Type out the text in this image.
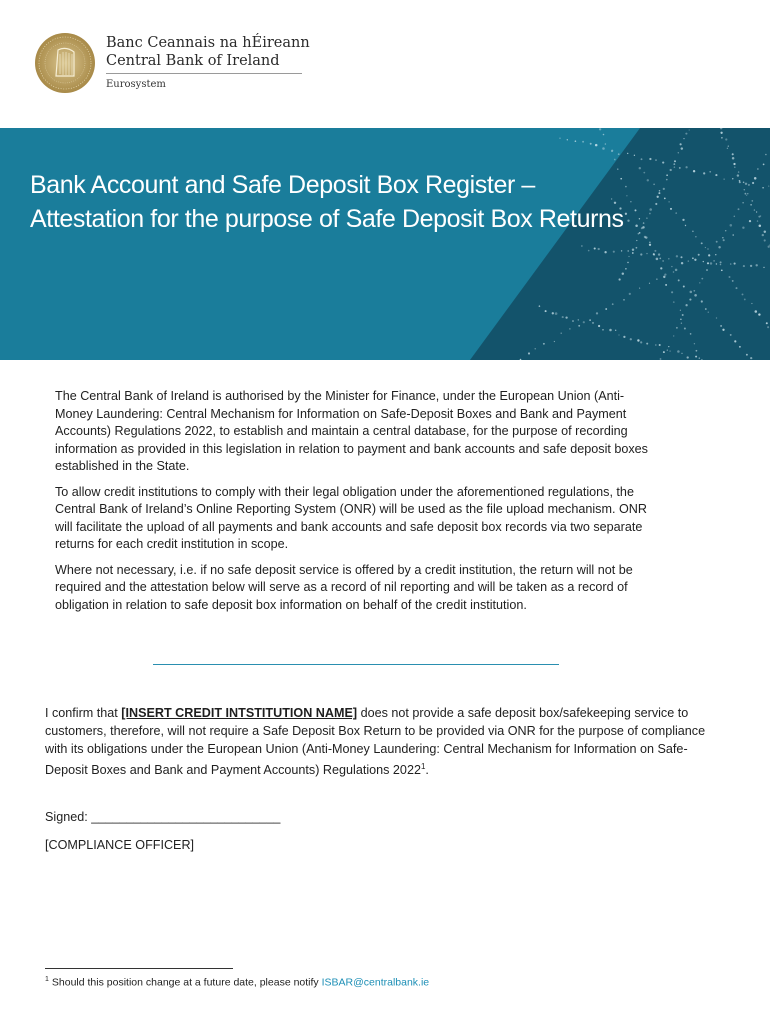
Banc Ceannais na hÉireann
Central Bank of Ireland
Eurosystem
Bank Account and Safe Deposit Box Register – Attestation for the purpose of Safe Deposit Box Returns

The Central Bank of Ireland is authorised by the Minister for Finance, under the European Union (Anti-Money Laundering: Central Mechanism for Information on Safe-Deposit Boxes and Bank and Payment Accounts) Regulations 2022, to establish and maintain a central database, for the purpose of recording information as provided in this legislation in relation to payment and bank accounts and safe deposit boxes established in the State.

To allow credit institutions to comply with their legal obligation under the aforementioned regulations, the Central Bank of Ireland’s Online Reporting System (ONR) will be used as the file upload mechanism. ONR will facilitate the upload of all payments and bank accounts and safe deposit box records via two separate returns for each credit institution in scope.

Where not necessary, i.e. if no safe deposit service is offered by a credit institution, the return will not be required and the attestation below will serve as a record of nil reporting and will be taken as a record of obligation in relation to safe deposit box information on behalf of the credit institution.

I confirm that [INSERT CREDIT INTSTITUTION NAME] does not provide a safe deposit box/safekeeping service to customers, therefore, will not require a Safe Deposit Box Return to be provided via ONR for the purpose of compliance with its obligations under the European Union (Anti-Money Laundering: Central Mechanism for Information on Safe-Deposit Boxes and Bank and Payment Accounts) Regulations 2022$^1$.
Signed: ___________________________
[COMPLIANCE OFFICER]
$^1$ Should this position change at a future date, please notify ISBAR@centralbank.ie
